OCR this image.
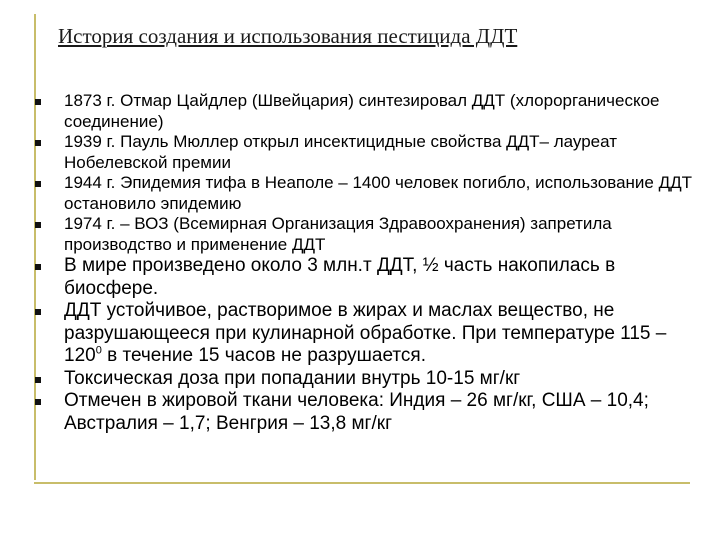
История создания и использования пестицида ДДТ
1873 г. Отмар Цайдлер (Швейцария) синтезировал ДДТ (хлорорганическое соединение)
1939 г. Пауль Мюллер открыл инсектицидные свойства ДДТ– лауреат Нобелевской премии
1944 г. Эпидемия тифа в Неаполе – 1400 человек погибло, использование ДДТ остановило эпидемию
1974 г. – ВОЗ (Всемирная Организация Здравоохранения) запретила производство и применение ДДТ
В мире произведено около 3 млн.т ДДТ, ½ часть накопилась в биосфере.
ДДТ устойчивое, растворимое в жирах и маслах вещество, не разрушающееся при кулинарной обработке. При температуре $115 - 120^0$ в течение 15 часов не разрушается.
Токсическая доза при попадании внутрь 10-15 мг/кг
Отмечен в жировой ткани человека: Индия – 26 мг/кг, США – 10,4; Австралия – 1,7; Венгрия – 13,8 мг/кг
